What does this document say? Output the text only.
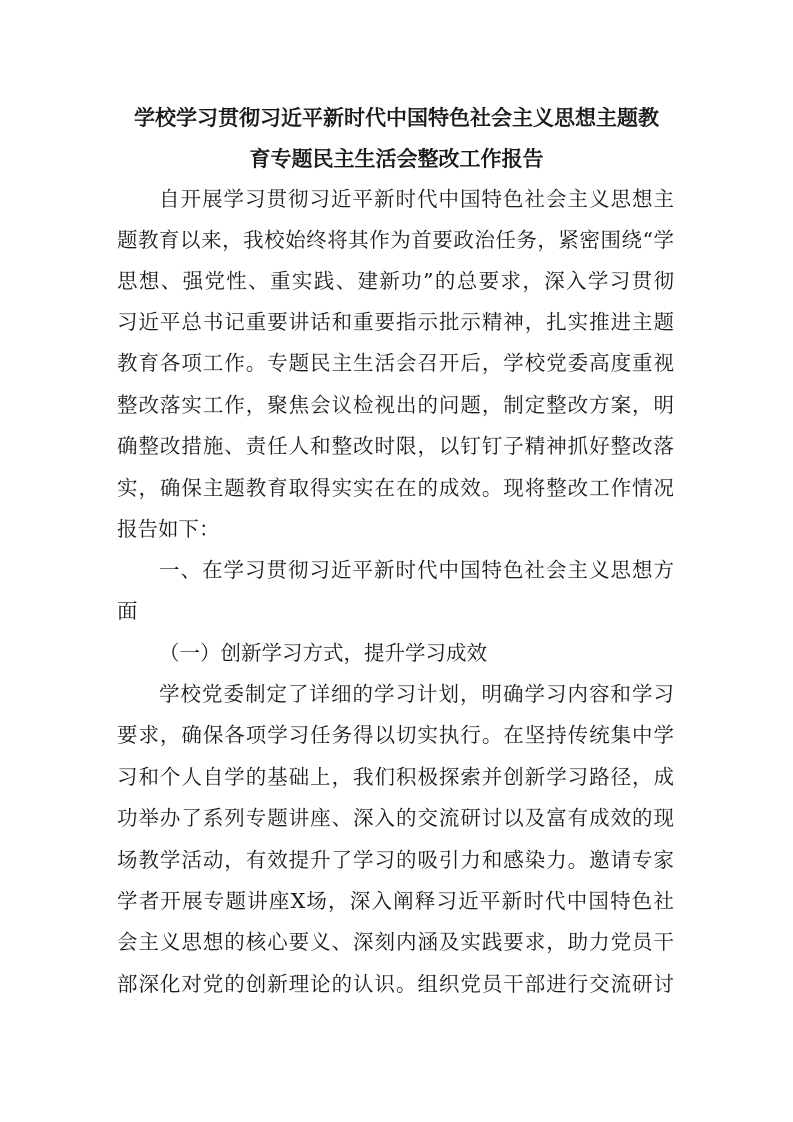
学校学习贯彻习近平新时代中国特色社会主义思想主题教
育专题民主生活会整改工作报告
自开展学习贯彻习近平新时代中国特色社会主义思想主
题教育以来，我校始终将其作为首要政治任务，紧密围绕“学
思想、强党性、重实践、建新功”的总要求，深入学习贯彻
习近平总书记重要讲话和重要指示批示精神，扎实推进主题
教育各项工作。专题民主生活会召开后，学校党委高度重视
整改落实工作，聚焦会议检视出的问题，制定整改方案，明
确整改措施、责任人和整改时限，以钉钉子精神抓好整改落
实，确保主题教育取得实实在在的成效。现将整改工作情况
报告如下：
一、在学习贯彻习近平新时代中国特色社会主义思想方
面
（一）创新学习方式，提升学习成效
学校党委制定了详细的学习计划，明确学习内容和学习
要求，确保各项学习任务得以切实执行。在坚持传统集中学
习和个人自学的基础上，我们积极探索并创新学习路径，成
功举办了系列专题讲座、深入的交流研讨以及富有成效的现
场教学活动，有效提升了学习的吸引力和感染力。邀请专家
学者开展专题讲座X场，深入阐释习近平新时代中国特色社
会主义思想的核心要义、深刻内涵及实践要求，助力党员干
部深化对党的创新理论的认识。组织党员干部进行交流研讨
